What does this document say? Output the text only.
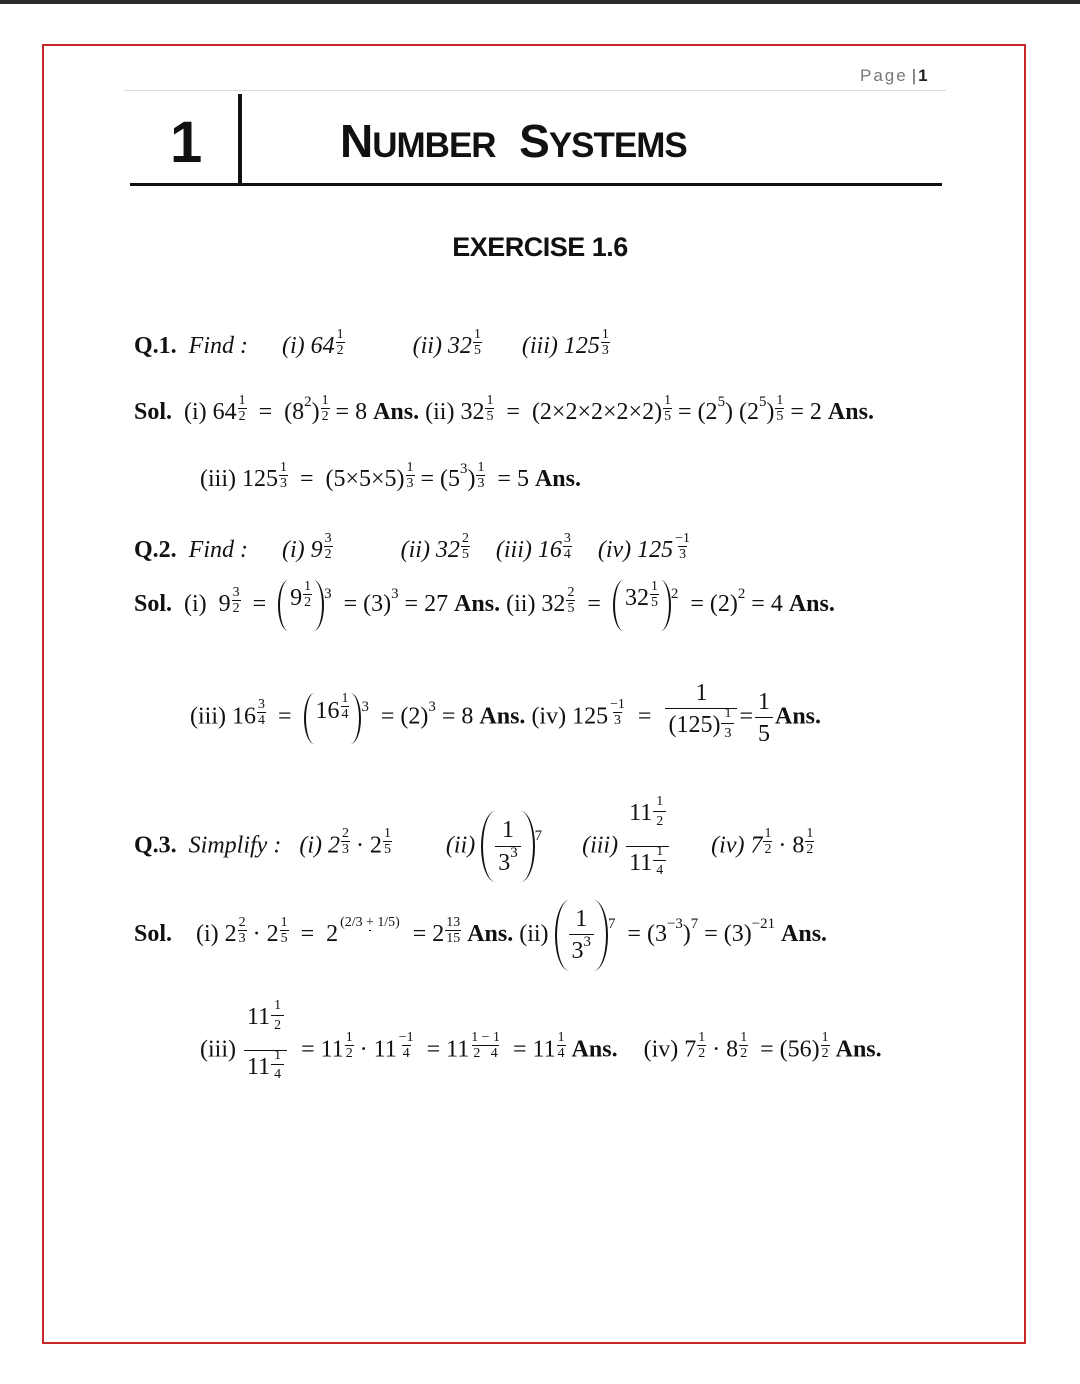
Page | 1
1	NUMBER SYSTEMS
EXERCISE 1.6
Q.1. Find : (i) $64 \frac{1}{2}$	(ii) $32 \frac{1}{5} (iii)$ $125 \frac{1}{3}$
Sol.  (i) $64 \frac{1}{2} = (82) \frac{1}{2} = 8$ Ans. (ii) $32 \frac{1}{5} = (2\times 2\times 2\times 2\times 2) \frac{1}{5} = (25)$ $(25) \frac{1}{5} = 2$ Ans.
(iii) $125 \frac{1}{3} = (5\times 5\times 5) \frac{1}{3} = (53) \frac{1}{3} = 5$ Ans.
Q.2. Find : (i) $9 \frac{3}{2}$	(ii) $32 \frac{2}{5} (iii)$ $16 \frac{3}{4} (iv)$ $125 \frac{-1}{3}$
Sol.  (i)  $9 \frac{3}{2} = 9 \frac{1}{2} 3 = (3)3 = 27$ Ans. (ii) $32 \frac{2}{5} = 32 \frac{1}{5} 2 = (2)2 = 4$ Ans.
(iii) $16 \frac{3}{4} = 16 \frac{1}{4} 3 = (2)3 = 8$ Ans. (iv) $125 \frac{-1}{3} = \frac{1}{(125) \frac{1}{3}} = \frac{1}{5}$ Ans.
Q.3. Simplify : (i) $2 \frac{2}{3} \cdot 2 \frac{1}{5} (ii) \frac{1}{33} 7$ $(iii) \frac{11 \frac{1}{2}}{11 \frac{1}{4}} (iv)$ $7 \frac{1}{2} \cdot 8 \frac{1}{2}$
Sol.    (i) $2 \frac{2}{3} \cdot 2 \frac{1}{5} = 2$ $(2/3 + 1/5) = 2 \frac{13}{15}$ Ans. $(ii) \frac{1}{33} 7 = (3-3)7 = (3)-21$ Ans.
$(iii) \frac{11 \frac{1}{2}}{11 \frac{1}{4}} = 11 \frac{1}{2} \cdot 11 \frac{-1}{4} = 11 \frac{1 - 1}{2 4} = 11 \frac{1}{4}$ Ans.  (iv) $7 \frac{1}{2} \cdot 8 \frac{1}{2} = (56) \frac{1}{2}$ Ans.
